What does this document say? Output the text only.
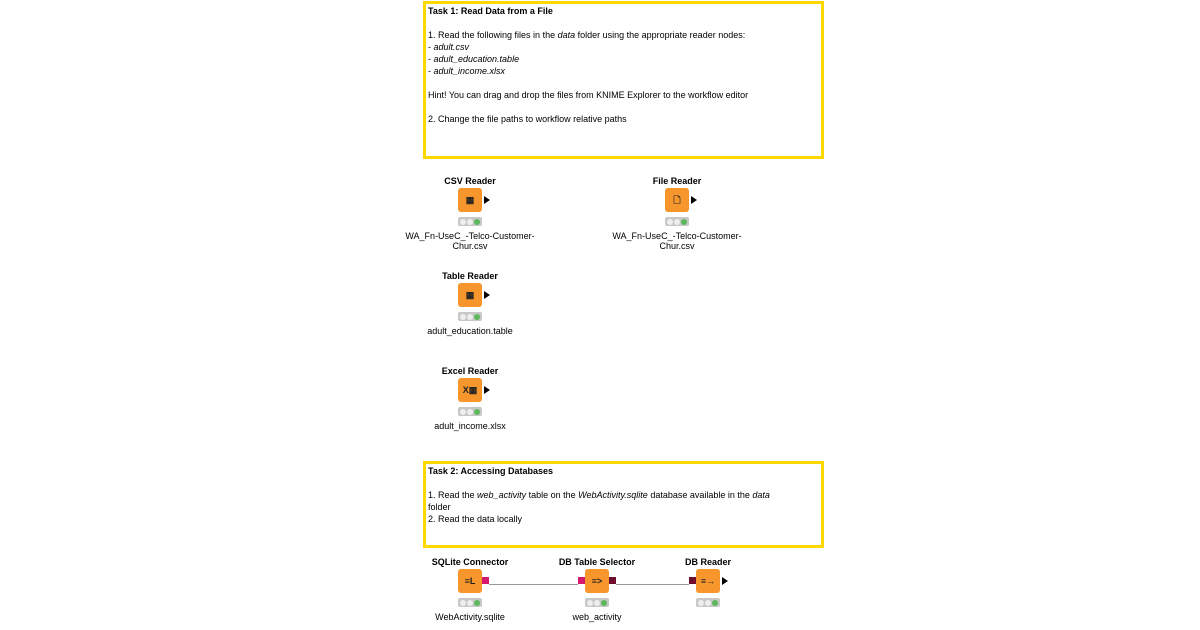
Task 1: Read Data from a File

1. Read the following files in the data folder using the appropriate reader nodes:
- adult.csv
- adult_education.table
- adult_income.xlsx

Hint! You can drag and drop the files from KNIME Explorer to the workflow editor

2. Change the file paths to workflow relative paths
Task 2: Accessing Databases

1. Read the web_activity table on the WebActivity.sqlite database available in the data
folder
2. Read the data locally
CSV Reader
▦
WA_Fn-UseC_-Telco-Customer-Chur.csv
File Reader
🗋
WA_Fn-UseC_-Telco-Customer-Chur.csv
Table Reader
▦
adult_education.table
Excel Reader
X▦
adult_income.xlsx
SQLite Connector
≡L
WebActivity.sqlite
DB Table Selector
≡>
web_activity
DB Reader
≡→
